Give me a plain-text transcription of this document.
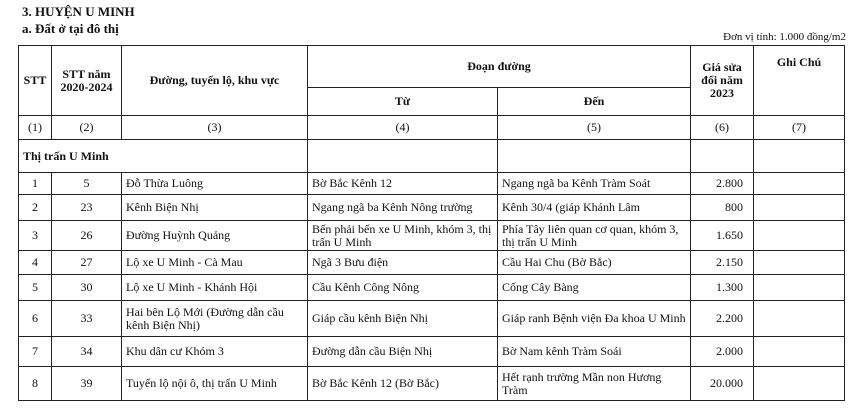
3. HUYỆN U MINH
a. Đất ở tại đô thị
Đơn vị tính: 1.000 đồng/m2
STT	STT năm 2020-2024	Đường, tuyến lộ, khu vực	Đoạn đường		Giá sửa đổi năm 2023	Ghi Chú
			Từ	Đến		
(1)	(2)	(3)	(4)	(5)	(6)	(7)
Thị trấn U Minh						
1	5	Đỗ Thừa Luông	Bờ Bắc Kênh 12	Ngang ngã ba Kênh Tràm Soát	2.800	
2	23	Kênh Biện Nhị	Ngang ngã ba Kênh Nông trường	Kênh 30/4 (giáp Khánh Lâm	800	
3	26	Đường Huỳnh Quảng	Bến phải bến xe U Minh, khóm 3, thị trấn U Minh	Phía Tây liên quan cơ quan, khóm 3, thị trấn U Minh	1.650	
4	27	Lộ xe U Minh - Cà Mau	Ngã 3 Bưu điện	Cầu Hai Chu (Bờ Bắc)	2.150	
5	30	Lộ xe U Minh - Khánh Hội	Cầu Kênh Công Nông	Cống Cây Bàng	1.300	
6	33	Hai bên Lộ Mới (Đường dẫn cầu kênh Biện Nhị)	Giáp cầu kênh Biện Nhị	Giáp ranh Bệnh viện Đa khoa U Minh	2.200	
7	34	Khu dân cư Khóm 3	Đường dẫn cầu Biện Nhị	Bờ Nam kênh Tràm Soái	2.000	
8	39	Tuyến lộ nội ô, thị trấn U Minh	Bờ Bắc Kênh 12 (Bờ Bắc)	Hết rạnh trường Mần non Hương Tràm	20.000	
